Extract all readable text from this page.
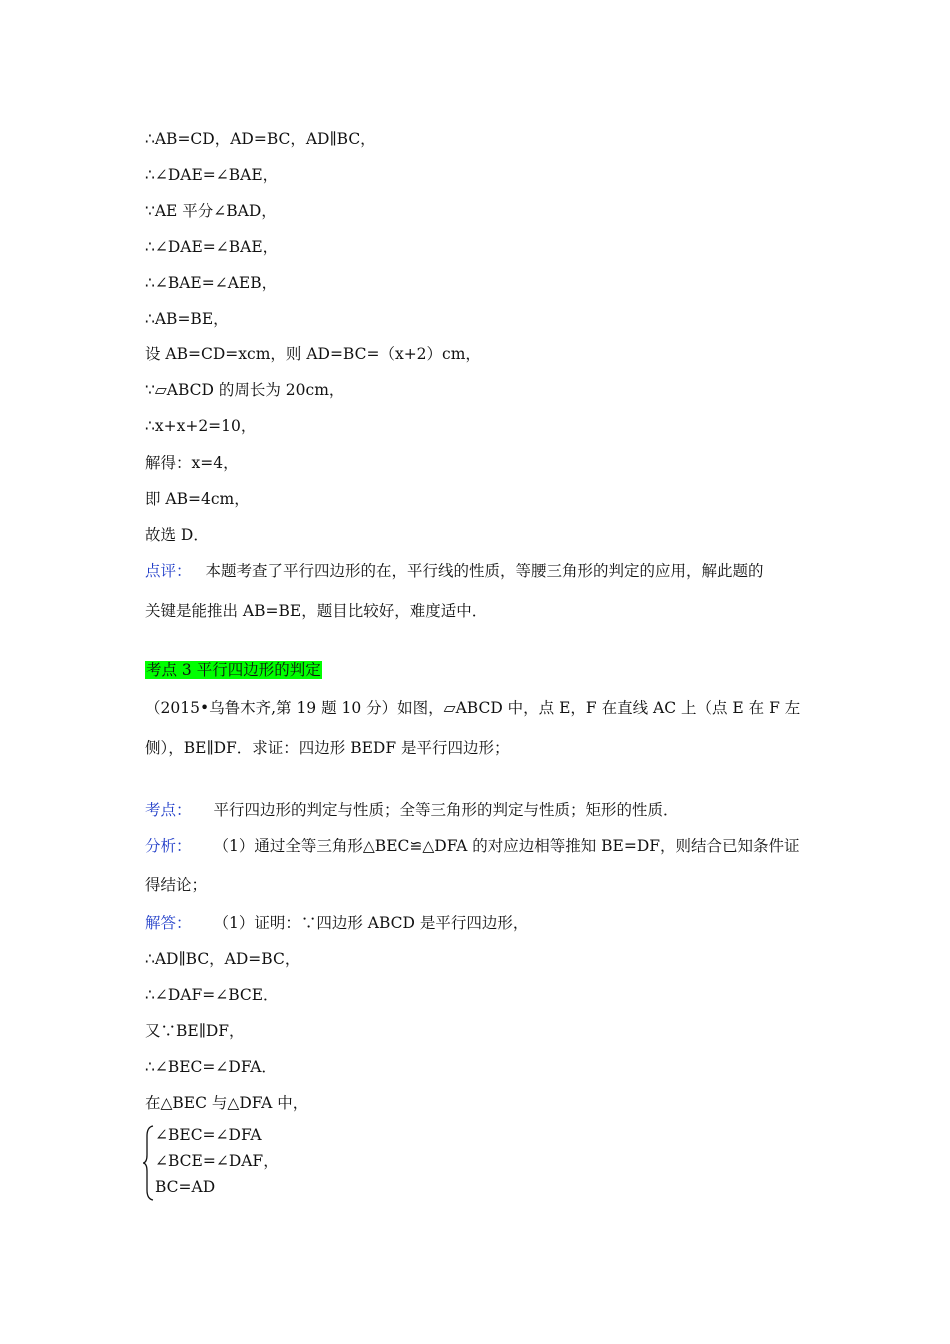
∴AB=CD，AD=BC，AD∥BC，
∴∠DAE=∠BAE，
∵AE 平分∠BAD，
∴∠DAE=∠BAE，
∴∠BAE=∠AEB，
∴AB=BE，
设 AB=CD=xcm，则 AD=BC=（x+2）cm，
∵▱ABCD 的周长为 20cm，
∴x+x+2=10，
解得：x=4，
即 AB=4cm，
故选 D．
点评： 本题考查了平行四边形的在，平行线的性质，等腰三角形的判定的应用，解此题的
关键是能推出 AB=BE，题目比较好，难度适中．
考点 3 平行四边形的判定
（2015•乌鲁木齐,第 19 题 10 分）如图，▱ABCD 中，点 E，F 在直线 AC 上（点 E 在 F 左
侧），BE∥DF．求证：四边形 BEDF 是平行四边形；
考点： 平行四边形的判定与性质；全等三角形的判定与性质；矩形的性质．
分析： （1）通过全等三角形△BEC≌△DFA 的对应边相等推知 BE=DF，则结合已知条件证
得结论；
解答： （1）证明：∵四边形 ABCD 是平行四边形，
∴AD∥BC，AD=BC，
∴∠DAF=∠BCE．
又∵BE∥DF，
∴∠BEC=∠DFA．
在△BEC 与△DFA 中，
∠BEC=∠DFA
∠BCE=∠DAF，
BC=AD
